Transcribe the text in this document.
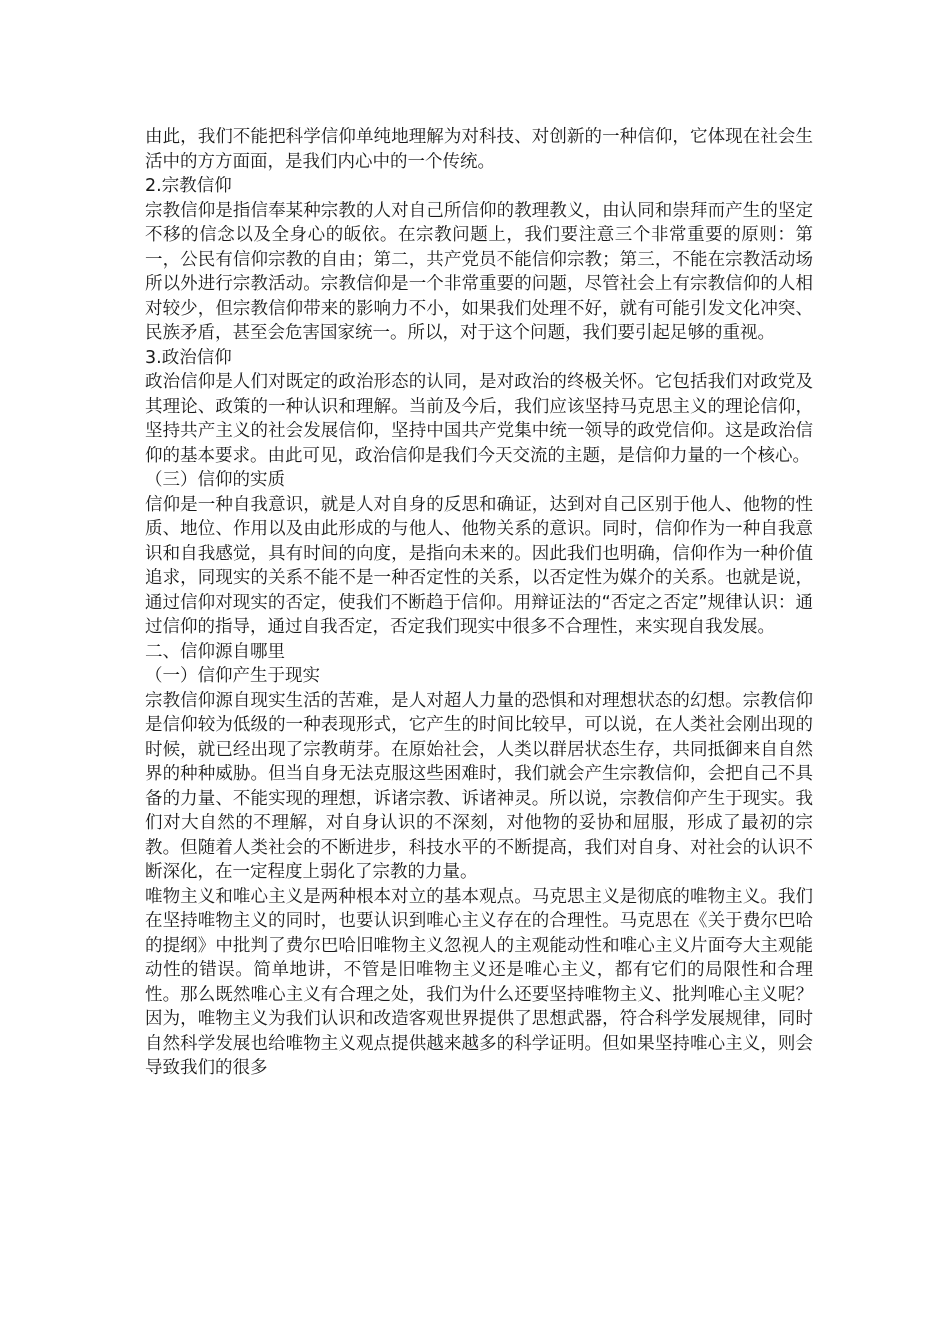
由此，我们不能把科学信仰单纯地理解为对科技、对创新的一种信仰，它体现在社会生活中的方方面面，是我们内心中的一个传统。

2.宗教信仰

宗教信仰是指信奉某种宗教的人对自己所信仰的教理教义，由认同和崇拜而产生的坚定不移的信念以及全身心的皈依。在宗教问题上，我们要注意三个非常重要的原则：第一，公民有信仰宗教的自由；第二，共产党员不能信仰宗教；第三，不能在宗教活动场所以外进行宗教活动。宗教信仰是一个非常重要的问题，尽管社会上有宗教信仰的人相对较少，但宗教信仰带来的影响力不小，如果我们处理不好，就有可能引发文化冲突、民族矛盾，甚至会危害国家统一。所以，对于这个问题，我们要引起足够的重视。

3.政治信仰

政治信仰是人们对既定的政治形态的认同，是对政治的终极关怀。它包括我们对政党及其理论、政策的一种认识和理解。当前及今后，我们应该坚持马克思主义的理论信仰，坚持共产主义的社会发展信仰，坚持中国共产党集中统一领导的政党信仰。这是政治信仰的基本要求。由此可见，政治信仰是我们今天交流的主题，是信仰力量的一个核心。

（三）信仰的实质

信仰是一种自我意识，就是人对自身的反思和确证，达到对自己区别于他人、他物的性质、地位、作用以及由此形成的与他人、他物关系的意识。同时，信仰作为一种自我意识和自我感觉，具有时间的向度，是指向未来的。因此我们也明确，信仰作为一种价值追求，同现实的关系不能不是一种否定性的关系，以否定性为媒介的关系。也就是说，通过信仰对现实的否定，使我们不断趋于信仰。用辩证法的“否定之否定”规律认识：通过信仰的指导，通过自我否定，否定我们现实中很多不合理性，来实现自我发展。

二、信仰源自哪里

（一）信仰产生于现实

宗教信仰源自现实生活的苦难，是人对超人力量的恐惧和对理想状态的幻想。宗教信仰是信仰较为低级的一种表现形式，它产生的时间比较早，可以说，在人类社会刚出现的时候，就已经出现了宗教萌芽。在原始社会，人类以群居状态生存，共同抵御来自自然界的种种威胁。但当自身无法克服这些困难时，我们就会产生宗教信仰，会把自己不具备的力量、不能实现的理想，诉诸宗教、诉诸神灵。所以说，宗教信仰产生于现实。我们对大自然的不理解，对自身认识的不深刻，对他物的妥协和屈服，形成了最初的宗教。但随着人类社会的不断进步，科技水平的不断提高，我们对自身、对社会的认识不断深化，在一定程度上弱化了宗教的力量。

唯物主义和唯心主义是两种根本对立的基本观点。马克思主义是彻底的唯物主义。我们在坚持唯物主义的同时，也要认识到唯心主义存在的合理性。马克思在《关于费尔巴哈的提纲》中批判了费尔巴哈旧唯物主义忽视人的主观能动性和唯心主义片面夸大主观能动性的错误。简单地讲，不管是旧唯物主义还是唯心主义，都有它们的局限性和合理性。那么既然唯心主义有合理之处，我们为什么还要坚持唯物主义、批判唯心主义呢？因为，唯物主义为我们认识和改造客观世界提供了思想武器，符合科学发展规律，同时自然科学发展也给唯物主义观点提供越来越多的科学证明。但如果坚持唯心主义，则会导致我们的很多
